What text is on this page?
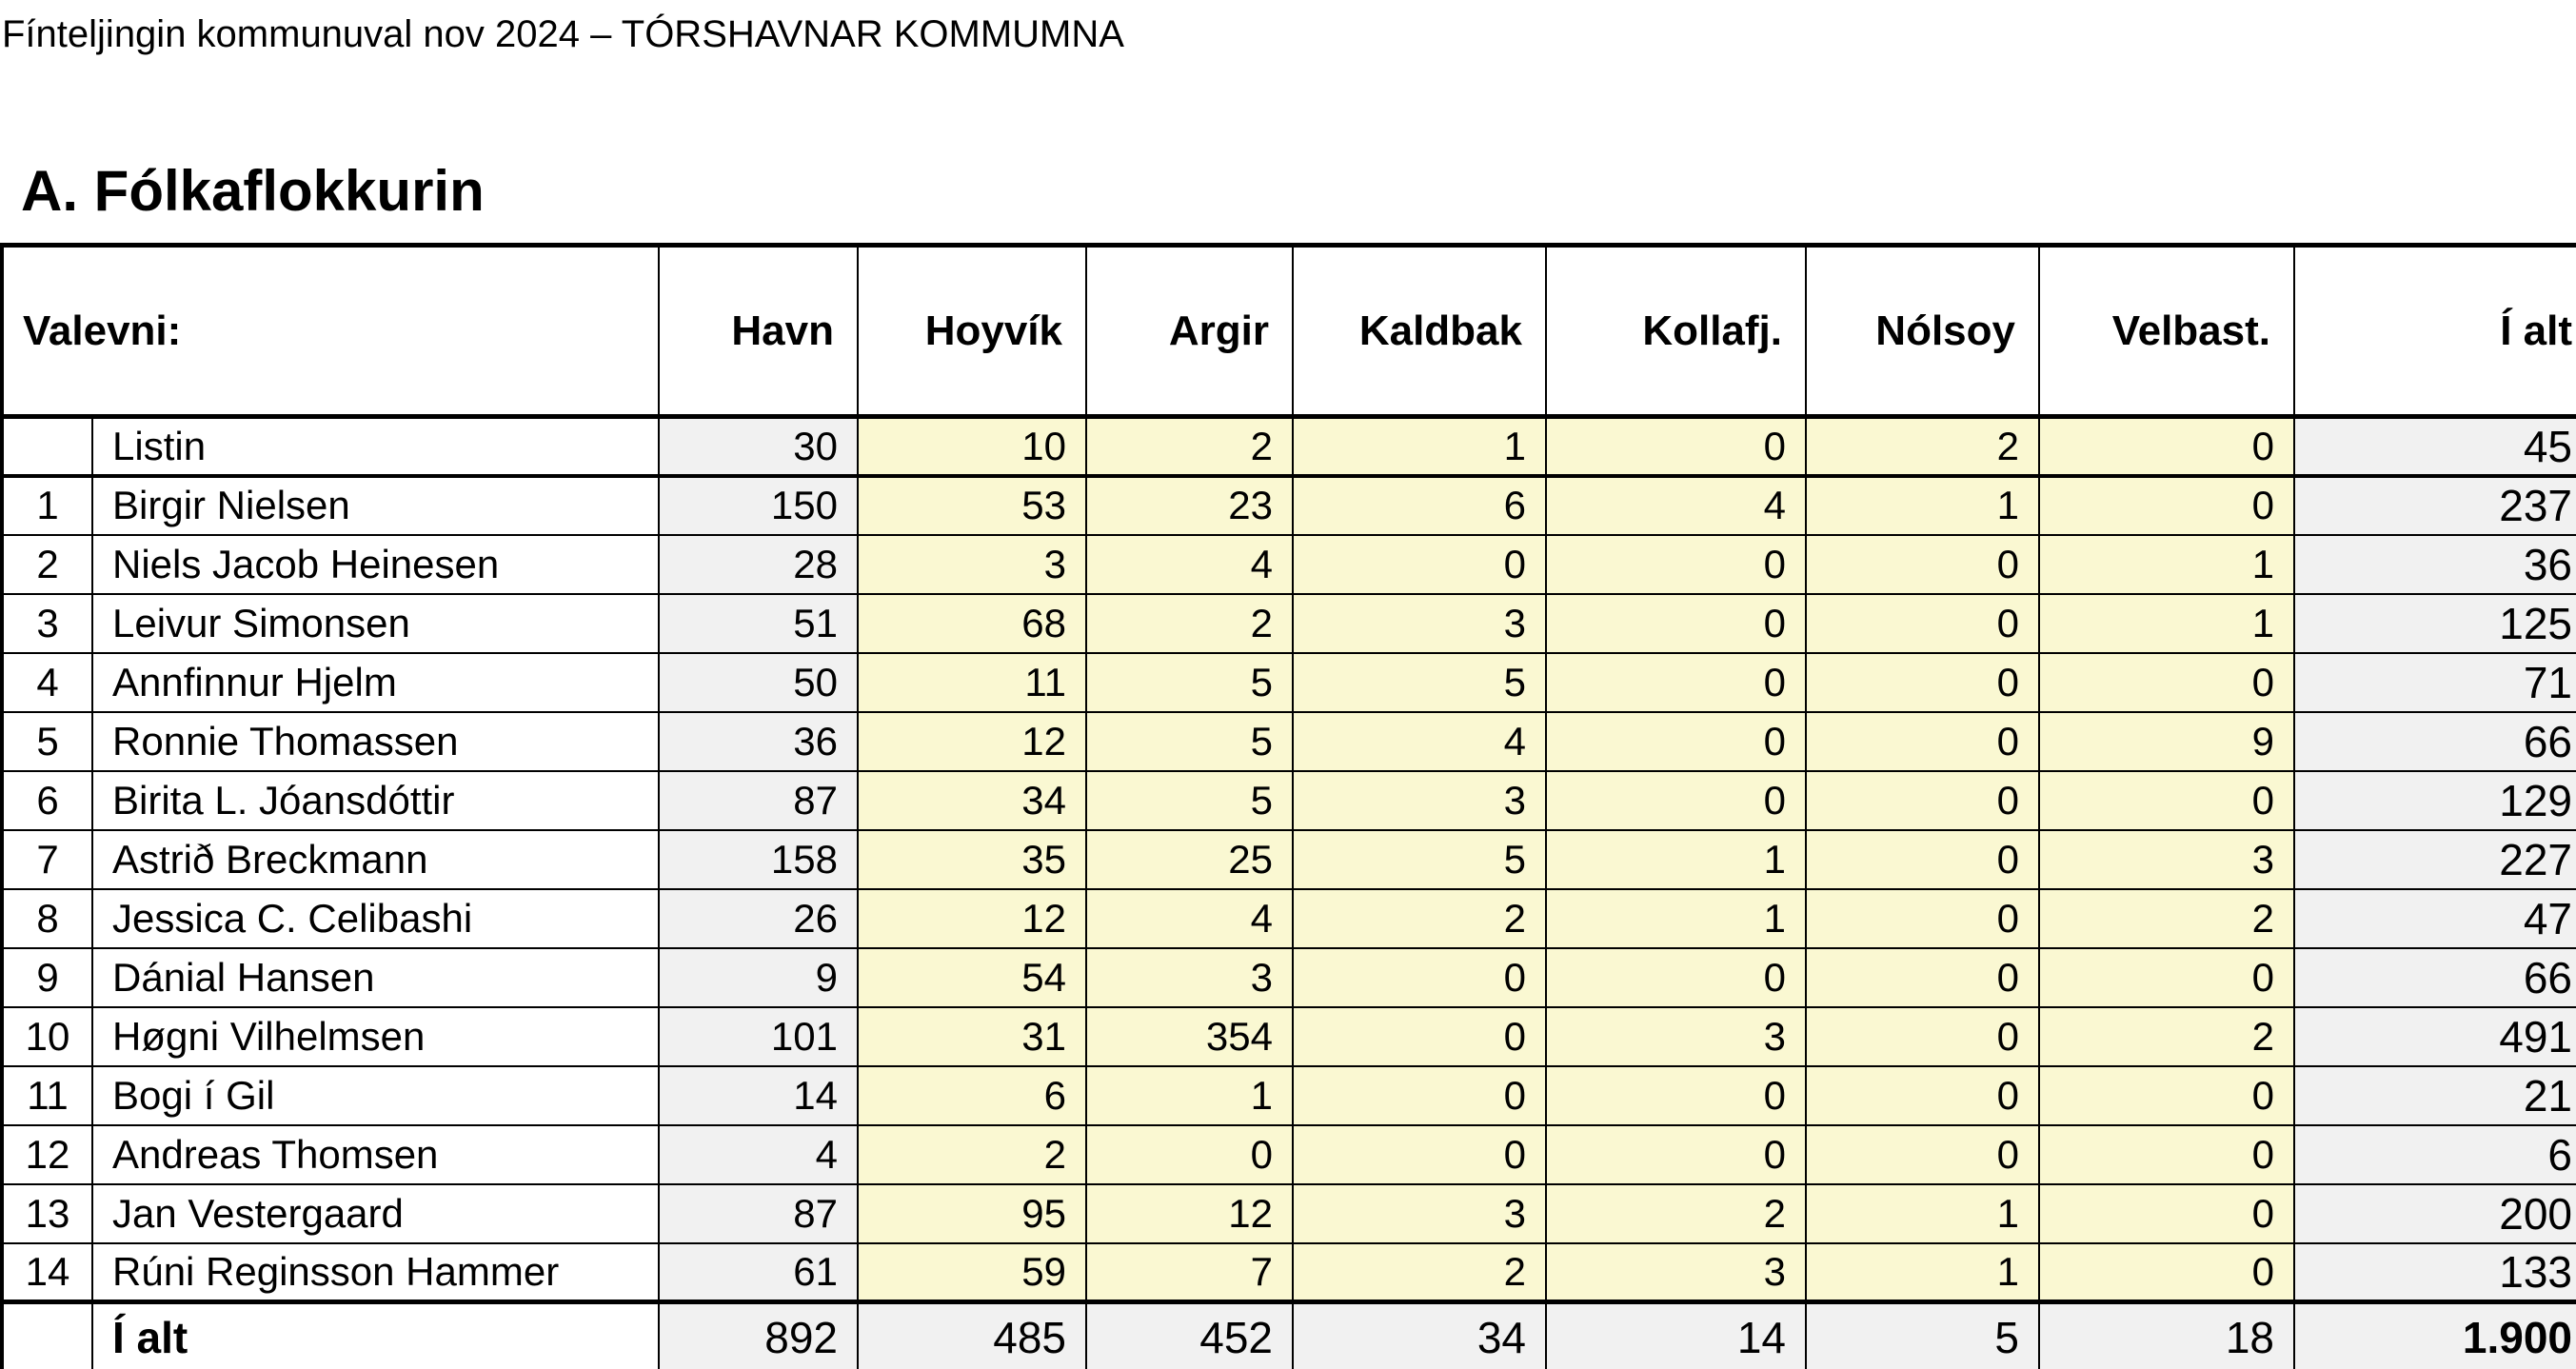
Fínteljingin kommunuval nov 2024 – TÓRSHAVNAR KOMMUMNA
A. Fólkaflokkurin
Valevni:		Havn	Hoyvík	Argir	Kaldbak	Kollafj.	Nólsoy	Velbast.	Í alt
	Listin	30	10	2	1	0	2	0	45
1	Birgir Nielsen	150	53	23	6	4	1	0	237
2	Niels Jacob Heinesen	28	3	4	0	0	0	1	36
3	Leivur Simonsen	51	68	2	3	0	0	1	125
4	Annfinnur Hjelm	50	11	5	5	0	0	0	71
5	Ronnie Thomassen	36	12	5	4	0	0	9	66
6	Birita L. Jóansdóttir	87	34	5	3	0	0	0	129
7	Astrið Breckmann	158	35	25	5	1	0	3	227
8	Jessica C. Celibashi	26	12	4	2	1	0	2	47
9	Dánial Hansen	9	54	3	0	0	0	0	66
10	Høgni Vilhelmsen	101	31	354	0	3	0	2	491
11	Bogi í Gil	14	6	1	0	0	0	0	21
12	Andreas Thomsen	4	2	0	0	0	0	0	6
13	Jan Vestergaard	87	95	12	3	2	1	0	200
14	Rúni Reginsson Hammer	61	59	7	2	3	1	0	133
	Í alt	892	485	452	34	14	5	18	1.900
